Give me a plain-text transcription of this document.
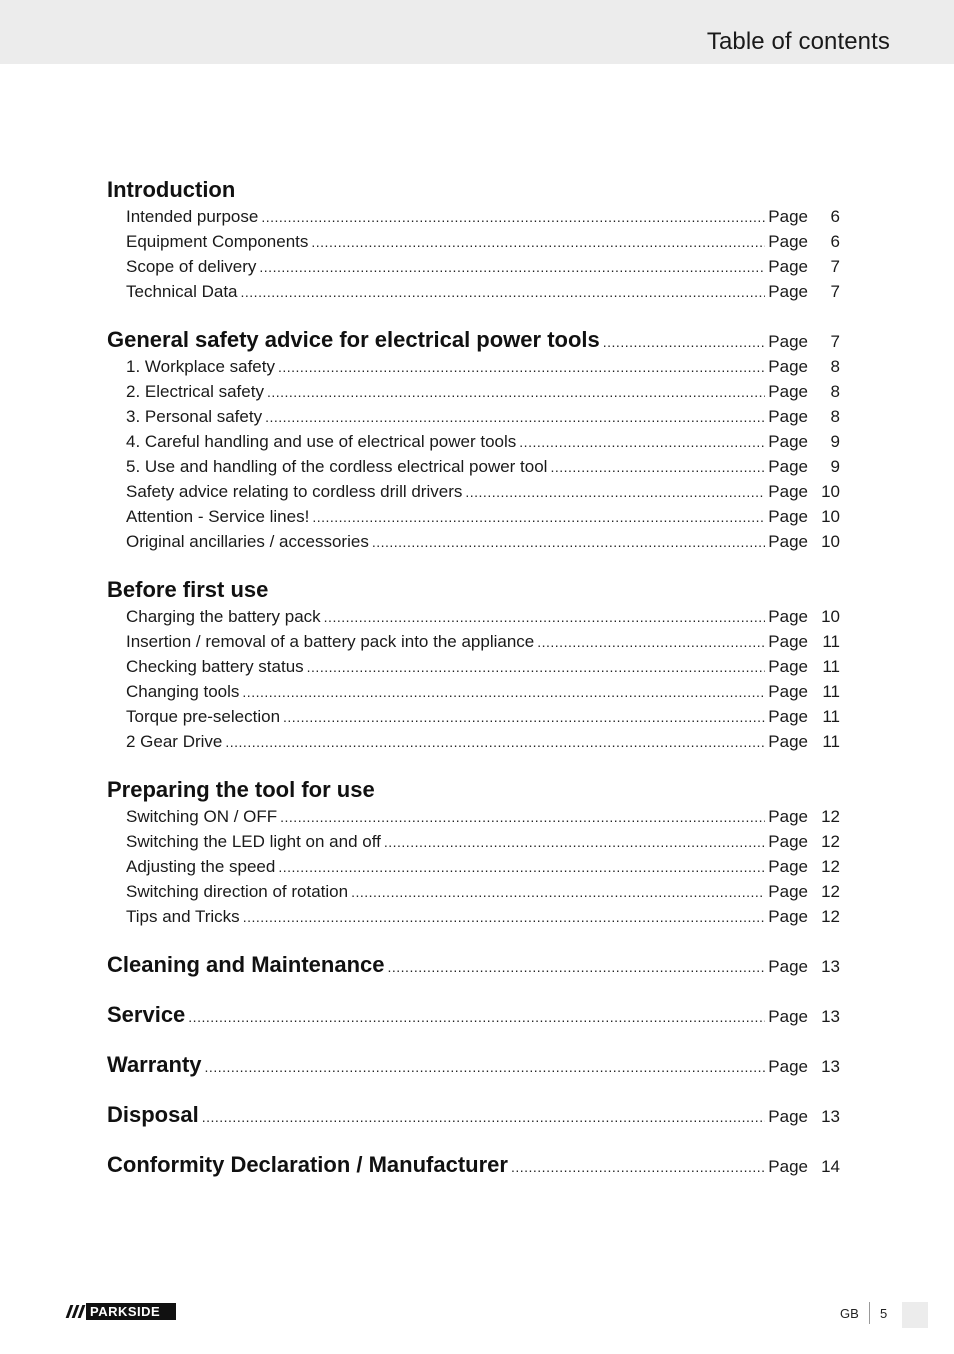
Table of contents
Introduction
Intended purpose .....	Page	6
Equipment Components .....	Page	6
Scope of delivery .....	Page	7
Technical Data .....	Page	7
General safety advice for electrical power tools .....	Page	7
1. Workplace safety .....	Page	8
2. Electrical safety .....	Page	8
3. Personal safety .....	Page	8
4. Careful handling and use of electrical power tools .....	Page	9
5. Use and handling of the cordless electrical power tool .....	Page	9
Safety advice relating to cordless drill drivers .....	Page 10
Attention - Service lines! .....	Page 10
Original ancillaries / accessories .....	Page 10
Before first use
Charging the battery pack .....	Page 10
Insertion / removal of a battery pack into the appliance .....	Page 11
Checking battery status .....	Page 11
Changing tools .....	Page 11
Torque pre-selection .....	Page 11
2 Gear Drive .....	Page 11
Preparing the tool for use
Switching ON / OFF .....	Page 12
Switching the LED light on and off .....	Page 12
Adjusting the speed .....	Page 12
Switching direction of rotation .....	Page 12
Tips and Tricks .....	Page 12
Cleaning and Maintenance .....	Page 13
Service .....	Page 13
Warranty .....	Page 13
Disposal .....	Page 13
Conformity Declaration / Manufacturer .....	Page 14
PARKSIDE	GB 5
